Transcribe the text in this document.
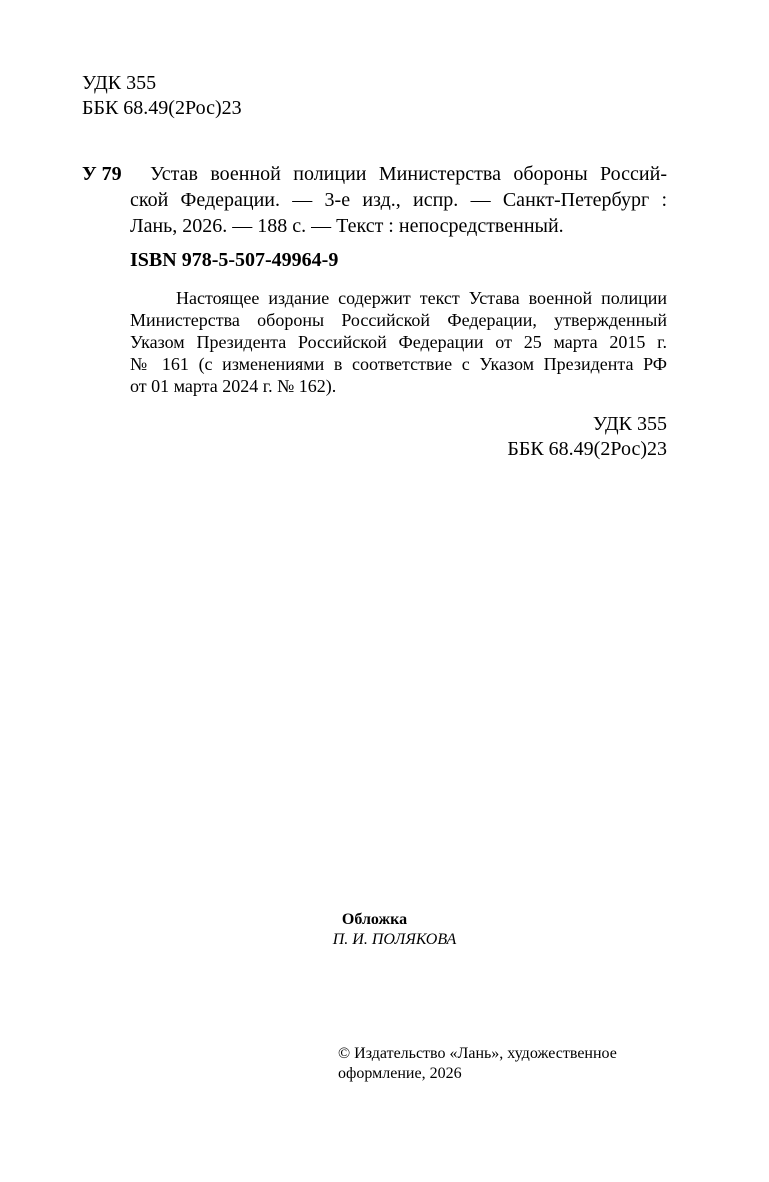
УДК 355
ББК 68.49(2Рос)23
У 79	Устав военной полиции Министерства обороны Россий-
ской Федерации. — 3-е изд., испр. — Санкт-Петербург :
Лань, 2026. — 188 с. — Текст : непосредственный.
ISBN 978-5-507-49964-9
Настоящее издание содержит текст Устава военной полиции
Министерства обороны Российской Федерации, утвержденный
Указом Президента Российской Федерации от 25 марта 2015 г.
№ 161 (с изменениями в соответствие с Указом Президента РФ
от 01 марта 2024 г. № 162).
УДК 355
ББК 68.49(2Рос)23
Обложка
П. И. ПОЛЯКОВА
© Издательство «Лань», художественное
оформление, 2026
